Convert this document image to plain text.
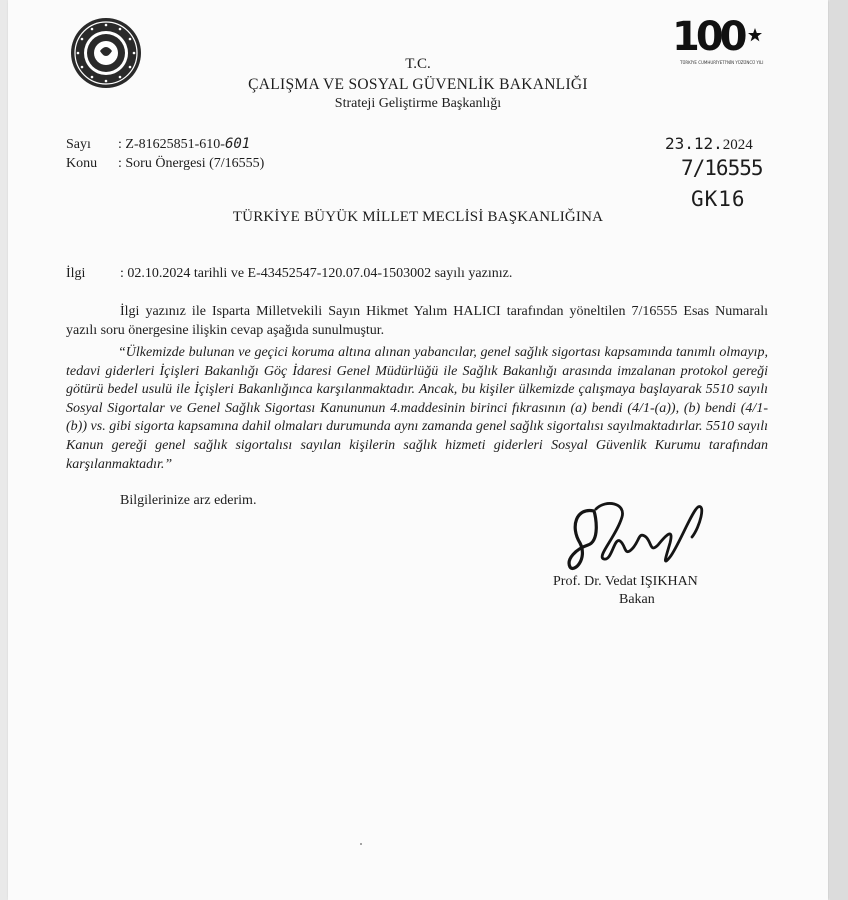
100
TÜRKİYE CUMHURİYETİ'NİN YÜZÜNCÜ YILI
T.C.
ÇALIŞMA VE SOSYAL GÜVENLİK BAKANLIĞI
Strateji Geliştirme Başkanlığı
Sayı : Z-81625851-610-601
Konu : Soru Önergesi (7/16555)
23.12.2024
7/16555
GK16
TÜRKİYE BÜYÜK MİLLET MECLİSİ BAŞKANLIĞINA
İlgi : 02.10.2024 tarihli ve E-43452547-120.07.04-1503002 sayılı yazınız.
İlgi yazınız ile Isparta Milletvekili Sayın Hikmet Yalım HALICI tarafından yöneltilen 7/16555 Esas Numaralı yazılı soru önergesine ilişkin cevap aşağıda sunulmuştur.
“Ülkemizde bulunan ve geçici koruma altına alınan yabancılar, genel sağlık sigortası kapsamında tanımlı olmayıp, tedavi giderleri İçişleri Bakanlığı Göç İdaresi Genel Müdürlüğü ile Sağlık Bakanlığı arasında imzalanan protokol gereği götürü bedel usulü ile İçişleri Bakanlığınca karşılanmaktadır. Ancak, bu kişiler ülkemizde çalışmaya başlayarak 5510 sayılı Sosyal Sigortalar ve Genel Sağlık Sigortası Kanununun 4.maddesinin birinci fıkrasının (a) bendi (4/1-(a)), (b) bendi (4/1-(b)) vs. gibi sigorta kapsamına dahil olmaları durumunda aynı zamanda genel sağlık sigortalısı sayılmaktadırlar. 5510 sayılı Kanun gereği genel sağlık sigortalısı sayılan kişilerin sağlık hizmeti giderleri Sosyal Güvenlik Kurumu tarafından karşılanmaktadır.”
Bilgilerinize arz ederim.
Prof. Dr. Vedat IŞIKHAN
Bakan
